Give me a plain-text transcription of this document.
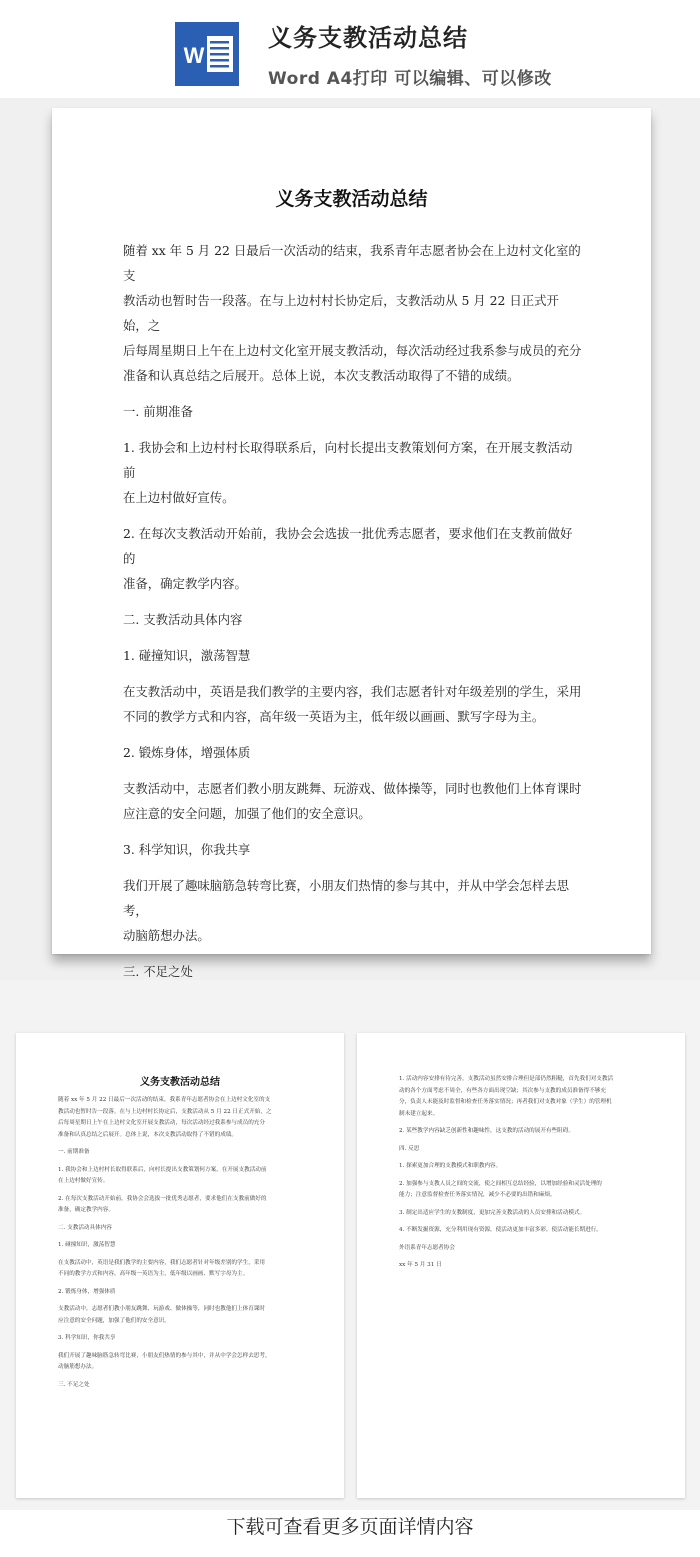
W
义务支教活动总结
Word A4打印 可以编辑、可以修改
义务支教活动总结

随着 xx 年 5 月 22 日最后一次活动的结束，我系青年志愿者协会在上边村文化室的支

教活动也暂时告一段落。在与上边村村长协定后，支教活动从 5 月 22 日正式开始，之

后每周星期日上午在上边村文化室开展支教活动，每次活动经过我系参与成员的充分

准备和认真总结之后展开。总体上说，本次支教活动取得了不错的成绩。

一. 前期准备

1. 我协会和上边村村长取得联系后，向村长提出支教策划何方案，在开展支教活动前

在上边村做好宣传。

2. 在每次支教活动开始前，我协会会选拔一批优秀志愿者，要求他们在支教前做好的

准备，确定教学内容。

二. 支教活动具体内容

1. 碰撞知识，激荡智慧

在支教活动中，英语是我们教学的主要内容，我们志愿者针对年级差别的学生，采用

不同的教学方式和内容，高年级一英语为主，低年级以画画、默写字母为主。

2. 锻炼身体，增强体质

支教活动中，志愿者们教小朋友跳舞、玩游戏、做体操等，同时也教他们上体育课时

应注意的安全问题，加强了他们的安全意识。

3. 科学知识，你我共享

我们开展了趣味脑筋急转弯比赛，小朋友们热情的参与其中，并从中学会怎样去思考，

动脑筋想办法。

三. 不足之处

义务支教活动总结

随着 xx 年 5 月 22 日最后一次活动的结束，我系青年志愿者协会在上边村文化室的支

教活动也暂时告一段落。在与上边村村长协定后，支教活动从 5 月 22 日正式开始，之

后每周星期日上午在上边村文化室开展支教活动，每次活动经过我系参与成员的充分

准备和认真总结之后展开。总体上说，本次支教活动取得了不错的成绩。

一. 前期准备

1. 我协会和上边村村长取得联系后，向村长提出支教策划何方案，在开展支教活动前

在上边村做好宣传。

2. 在每次支教活动开始前，我协会会选拔一批优秀志愿者，要求他们在支教前做好的

准备，确定教学内容。

二. 支教活动具体内容

1. 碰撞知识，激荡智慧

在支教活动中，英语是我们教学的主要内容，我们志愿者针对年级差别的学生，采用

不同的教学方式和内容，高年级一英语为主，低年级以画画、默写字母为主。

2. 锻炼身体，增强体质

支教活动中，志愿者们教小朋友跳舞、玩游戏、做体操等，同时也教他们上体育课时

应注意的安全问题，加强了他们的安全意识。

3. 科学知识，你我共享

我们开展了趣味脑筋急转弯比赛，小朋友们热情的参与其中，并从中学会怎样去思考，

动脑筋想办法。

三. 不足之处

1. 活动内容安排有待完善。支教活动虽然安排合理但是部仍然粗糙，首先我们对支教活

动的各个方面考虑不周全，有些各方面出现空缺；其次参与支教的成员准备得不够充

分，负责人未能及时监督和检查任务落实情况；再者我们对支教对象（学生）的管理机

制未建立起来。

2. 某些教学内容缺乏创新性和趣味性，这支教的活动的展开有些阻碍。

四. 反思

1. 探索更加合理的支教模式和职教内容。

2. 加强参与支教人员之间的交流，使之间相互总结经验，以增加经验和灵活处理的

能力；注意监督检查任务落实情况，减少不必要的出错和麻烦。

3. 制定出适应学生的支教制度，更加完善支教活动的人员安排和活动模式。

4. 不断发掘资源，充分利用现有资源，使活动更加丰富多彩，使活动能长期进行。

外语系青年志愿者协会

xx 年 5 月 31 日

下载可查看更多页面详情内容
